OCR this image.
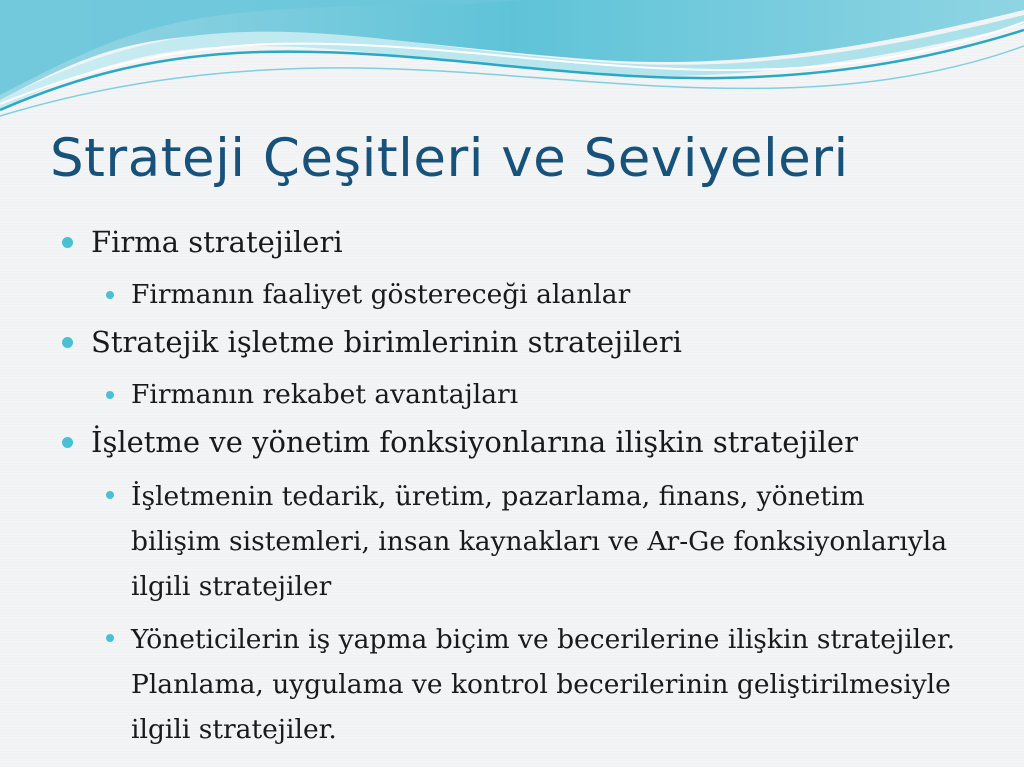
Strateji Çeşitleri ve Seviyeleri
Firma stratejileri
Firmanın faaliyet göstereceği alanlar
Stratejik işletme birimlerinin stratejileri
Firmanın rekabet avantajları
İşletme ve yönetim fonksiyonlarına ilişkin stratejiler
İşletmenin tedarik, üretim, pazarlama, finans, yönetim bilişim sistemleri, insan kaynakları ve Ar-Ge fonksiyonlarıyla ilgili stratejiler
Yöneticilerin iş yapma biçim ve becerilerine ilişkin stratejiler. Planlama, uygulama ve kontrol becerilerinin geliştirilmesiyle ilgili stratejiler.
